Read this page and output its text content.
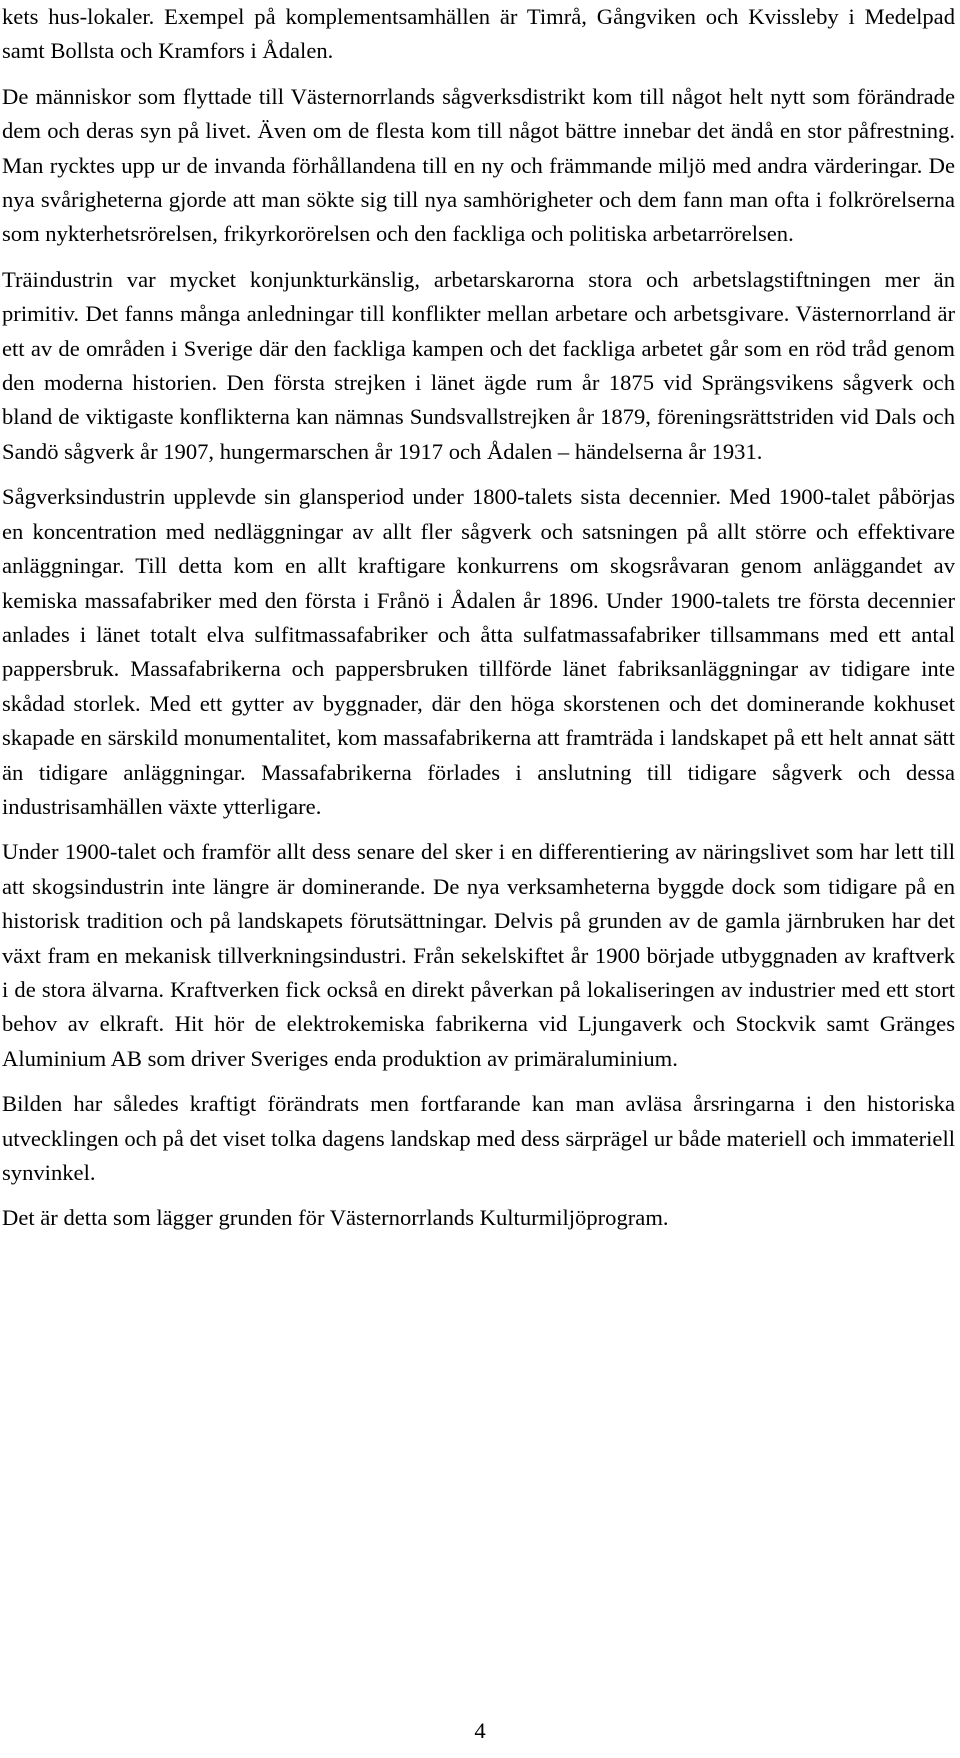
kets hus-lokaler. Exempel på komplementsamhällen är Timrå, Gångviken och Kvissleby i Medelpad samt Bollsta och Kramfors i Ådalen.

De människor som flyttade till Västernorrlands sågverksdistrikt kom till något helt nytt som förändrade dem och deras syn på livet. Även om de flesta kom till något bättre innebar det ändå en stor påfrestning. Man rycktes upp ur de invanda förhållandena till en ny och främmande miljö med andra värderingar. De nya svårigheterna gjorde att man sökte sig till nya samhörigheter och dem fann man ofta i folkrörelserna som nykterhetsrörelsen, frikyrkorörelsen och den fackliga och politiska arbetarrörelsen.

Träindustrin var mycket konjunkturkänslig, arbetarskarorna stora och arbetslagstiftningen mer än primitiv. Det fanns många anledningar till konflikter mellan arbetare och arbetsgivare. Västernorrland är ett av de områden i Sverige där den fackliga kampen och det fackliga arbetet går som en röd tråd genom den moderna historien. Den första strejken i länet ägde rum år 1875 vid Sprängsvikens sågverk och bland de viktigaste konflikterna kan nämnas Sundsvallstrejken år 1879, föreningsrättstriden vid Dals och Sandö sågverk år 1907, hungermarschen år 1917 och Ådalen – händelserna år 1931.

Sågverksindustrin upplevde sin glansperiod under 1800-talets sista decennier. Med 1900-talet påbörjas en koncentration med nedläggningar av allt fler sågverk och satsningen på allt större och effektivare anläggningar. Till detta kom en allt kraftigare konkurrens om skogsråvaran genom anläggandet av kemiska massafabriker med den första i Frånö i Ådalen år 1896. Under 1900-talets tre första decennier anlades i länet totalt elva sulfitmassafabriker och åtta sulfatmassafabriker tillsammans med ett antal pappersbruk. Massafabrikerna och pappersbruken tillförde länet fabriksanläggningar av tidigare inte skådad storlek. Med ett gytter av byggnader, där den höga skorstenen och det dominerande kokhuset skapade en särskild monumentalitet, kom massafabrikerna att framträda i landskapet på ett helt annat sätt än tidigare anläggningar. Massafabrikerna förlades i anslutning till tidigare sågverk och dessa industrisamhällen växte ytterligare.

Under 1900-talet och framför allt dess senare del sker i en differentiering av näringslivet som har lett till att skogsindustrin inte längre är dominerande. De nya verksamheterna byggde dock som tidigare på en historisk tradition och på landskapets förutsättningar. Delvis på grunden av de gamla järnbruken har det växt fram en mekanisk tillverkningsindustri. Från sekelskiftet år 1900 började utbyggnaden av kraftverk i de stora älvarna. Kraftverken fick också en direkt påverkan på lokaliseringen av industrier med ett stort behov av elkraft. Hit hör de elektrokemiska fabrikerna vid Ljungaverk och Stockvik samt Gränges Aluminium AB som driver Sveriges enda produktion av primäraluminium.

Bilden har således kraftigt förändrats men fortfarande kan man avläsa årsringarna i den historiska utvecklingen och på det viset tolka dagens landskap med dess särprägel ur både materiell och immateriell synvinkel.

Det är detta som lägger grunden för Västernorrlands Kulturmiljöprogram.

4
